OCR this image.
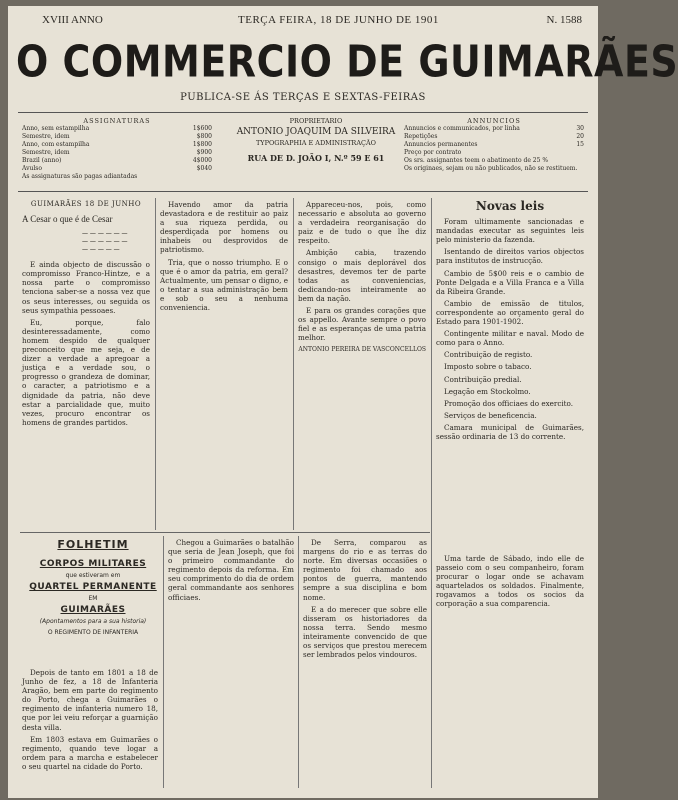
XVIII ANNO	TERÇA FEIRA, 18 DE JUNHO DE 1901	N. 1588
O COMMERCIO DE GUIMARÃES
PUBLICA-SE ÁS TERÇAS E SEXTAS-FEIRAS
ASSIGNATURAS
Anno, sem estampilha	1$600
Semestre, idem	$800
Anno, com estampilha	1$800
Semestre, idem	$900
Brazil (anno)	4$000
Avulso	$040
As assignaturas são pagas adiantadas
PROPRIETARIO
ANTONIO JOAQUIM DA SILVEIRA
TYPOGRAPHIA E ADMINISTRAÇÃO
RUA DE D. JOÃO I, N.º 59 E 61
ANNUNCIOS
Annuncios e communicados, por linha	30
Repetições	20
Annuncios permanentes	15
Preço por contrato
Os srs. assignantes teem o abatimento de 25 %
Os originaes, sejam ou não publicados, não se restituem.
GUIMARÃES 18 DE JUNHO
A Cesar o que é de Cesar
— — — — — —
— — — — — —
— — — — —

E ainda objecto de discussão o compromisso Franco-Hintze, e a nossa parte o compromisso tenciona saber-se a nossa vez que os seus interesses, ou seguida os seus sympathia pessoaes.

Eu, porque, falo desinteressadamente, como homem despido de qualquer preconceito que me seja, e de dizer a verdade a apregoar a justiça e a verdade sou, o progresso o grandeza de dominar, o caracter, a patriotismo e a dignidade da patria, não deve estar a parcialidade que, muito vezes, procuro encontrar os homens de grandes partidos.

Havendo amor da patria devastadora e de restituir ao paiz a sua riqueza perdida, ou desperdiçada por homens ou inhabeis ou desprovidos de patriotismo.

Tria, que o nosso triumpho. E o que é o amor da patria, em geral? Actualmente, um pensar o digno, e o tentar a sua administração bem e sob o seu a nenhuma conveniencia.

Appareceu-nos, pois, como necessario e absoluta ao governo a verdadeira reorganisação do paiz e de tudo o que lhe diz respeito.

Ambição cabia, trazendo consigo o mais deplorável dos desastres, devemos ter de parte todas as conveniencias, dedicando-nos inteiramente ao bem da nação.

E para os grandes corações que os appello. Avante sempre o povo fiel e as esperanças de uma patria melhor.

ANTONIO PEREIRA DE VASCONCELLOS
Novas leis

Foram ultimamente sancionadas e mandadas executar as seguintes leis pelo ministerio da fazenda.

Isentando de direitos varios objectos para institutos de instrucção.

Cambio de 5$00 reis e o cambio de Ponte Delgada e a Villa Franca e a Villa da Ribeira Grande.

Cambio de emissão de titulos, correspondente ao orçamento geral do Estado para 1901-1902.

Contingente militar e naval. Modo de como para o Anno.

Contribuição de registo.

Imposto sobre o tabaco.

Contribuição predial.

Legação em Stockolmo.

Promoção dos officiaes do exercito.

Serviços de beneficencia.

Camara municipal de Guimarães, sessão ordinaria de 13 do corrente.

FOLHETIM
CORPOS MILITARES
que estiveram em
QUARTEL PERMANENTE
EM
GUIMARÃES
(Apontamentos para a sua historia)
O REGIMENTO DE INFANTERIA

Depois de tanto em 1801 a 18 de Junho de fez, a 18 de Infanteria Aragão, bem em parte do regimento do Porto, chega a Guimarães o regimento de infanteria numero 18, que por lei veiu reforçar a guarnição desta villa.

Em 1803 estava em Guimarães o regimento, quando teve logar a ordem para a marcha e estabelecer o seu quartel na cidade do Porto.

Chegou a Guimarães o batalhão que seria de Jean Joseph, que foi o primeiro commandante do regimento depois da reforma. Em seu comprimento do dia de ordem geral commandante aos senhores officiaes.

De Serra, comparou as margens do rio e as terras do norte. Em diversas occasiões o regimento foi chamado aos pontos de guerra, mantendo sempre a sua disciplina e bom nome.

E a do merecer que sobre elle disseram os historiadores da nossa terra. Sendo mesmo inteiramente convencido de que os serviços que prestou merecem ser lembrados pelos vindouros.

Uma tarde de Sábado, indo elle de passeio com o seu companheiro, foram procurar o logar onde se achavam aquartelados os soldados. Finalmente, rogavamos a todos os socios da corporação a sua comparencia.
